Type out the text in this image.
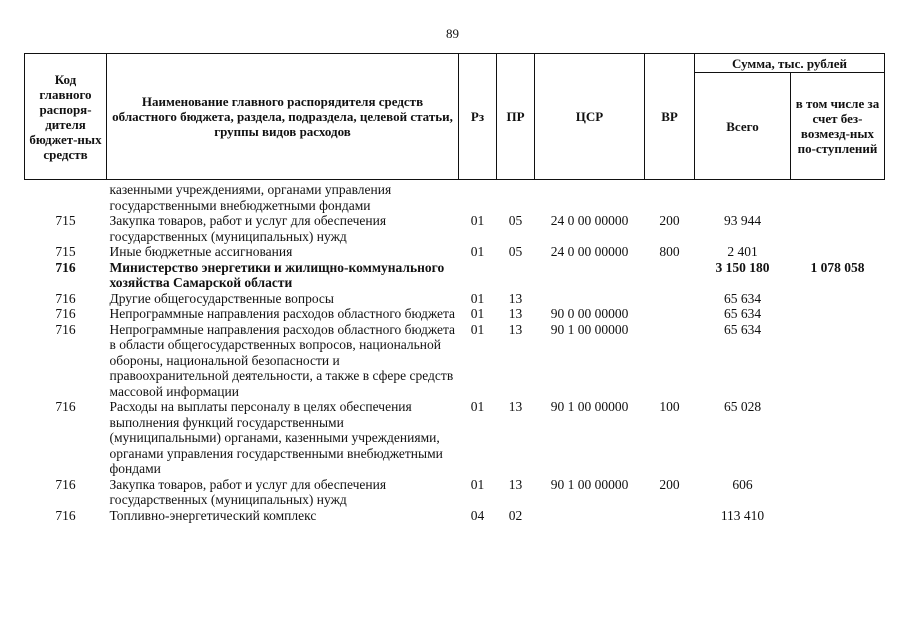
89
Код главного распоря-дителя бюджет-ных средств	Наименование главного распорядителя средств областного бюджета, раздела, подраздела, целевой статьи, группы видов расходов	Рз	ПР	ЦСР	ВР	Сумма, тыс. рублей	
						Всего	в том числе за счет без-возмезд-ных по-ступлений
	казенными учреждениями, органами управления государственными внебюджетными фондами						
715	Закупка товаров, работ и услуг для обеспечения государственных (муниципальных) нужд	01	05	24 0 00 00000	200	93 944	
715	Иные бюджетные ассигнования	01	05	24 0 00 00000	800	2 401	
716	Министерство энергетики и жилищно-коммунального хозяйства Самарской области					3 150 180	1 078 058
716	Другие общегосударственные вопросы	01	13			65 634	
716	Непрограммные направления расходов областного бюджета	01	13	90 0 00 00000		65 634	
716	Непрограммные направления расходов областного бюджета в области общегосударственных вопросов, национальной обороны, национальной безопасности и правоохранительной деятельности, а также в сфере средств массовой информации	01	13	90 1 00 00000		65 634	
716	Расходы на выплаты персоналу в целях обеспечения выполнения функций государственными (муниципальными) органами, казенными учреждениями, органами управления государственными внебюджетными фондами	01	13	90 1 00 00000	100	65 028	
716	Закупка товаров, работ и услуг для обеспечения государственных (муниципальных) нужд	01	13	90 1 00 00000	200	606	
716	Топливно-энергетический комплекс	04	02			113 410	
